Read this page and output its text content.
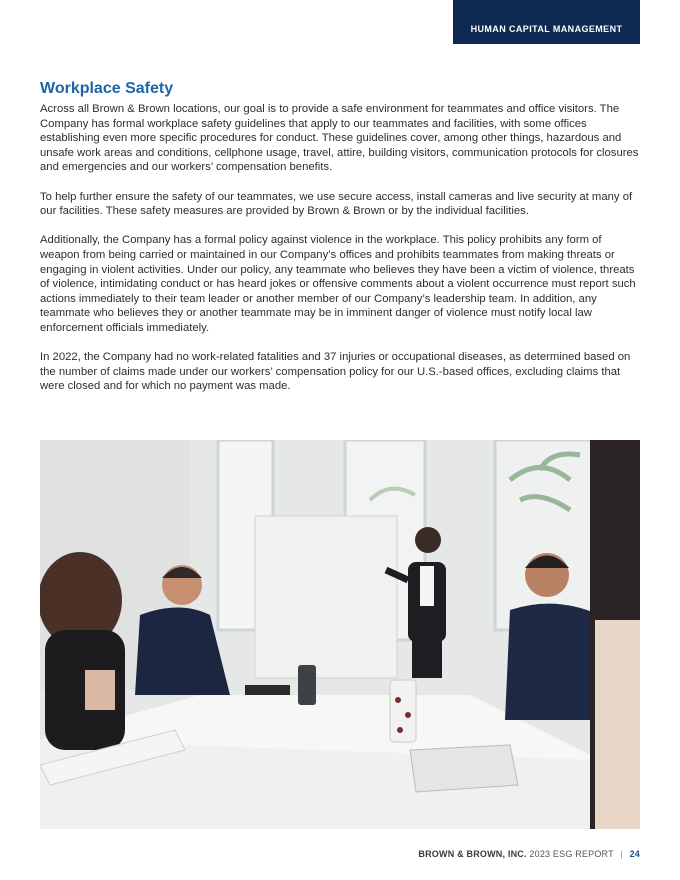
HUMAN CAPITAL MANAGEMENT
Workplace Safety

Across all Brown & Brown locations, our goal is to provide a safe environment for teammates and office visitors. The Company has formal workplace safety guidelines that apply to our teammates and facilities, with some offices establishing even more specific procedures for conduct. These guidelines cover, among other things, hazardous and unsafe work areas and conditions, cellphone usage, travel, attire, building visitors, communication protocols for closures and emergencies and our workers’ compensation benefits.

To help further ensure the safety of our teammates, we use secure access, install cameras and live security at many of our facilities. These safety measures are provided by Brown & Brown or by the individual facilities.

Additionally, the Company has a formal policy against violence in the workplace. This policy prohibits any form of weapon from being carried or maintained in our Company’s offices and prohibits teammates from making threats or engaging in violent activities. Under our policy, any teammate who believes they have been a victim of violence, threats of violence, intimidating conduct or has heard jokes or offensive comments about a violent occurrence must report such actions immediately to their team leader or another member of our Company’s leadership team. In addition, any teammate who believes they or another teammate may be in imminent danger of violence must notify local law enforcement officials immediately.

In 2022, the Company had no work-related fatalities and 37 injuries or occupational diseases, as determined based on the number of claims made under our workers’ compensation policy for our U.S.-based offices, excluding claims that were closed and for which no payment was made.

BROWN & BROWN, INC. 2023 ESG REPORT | 24
